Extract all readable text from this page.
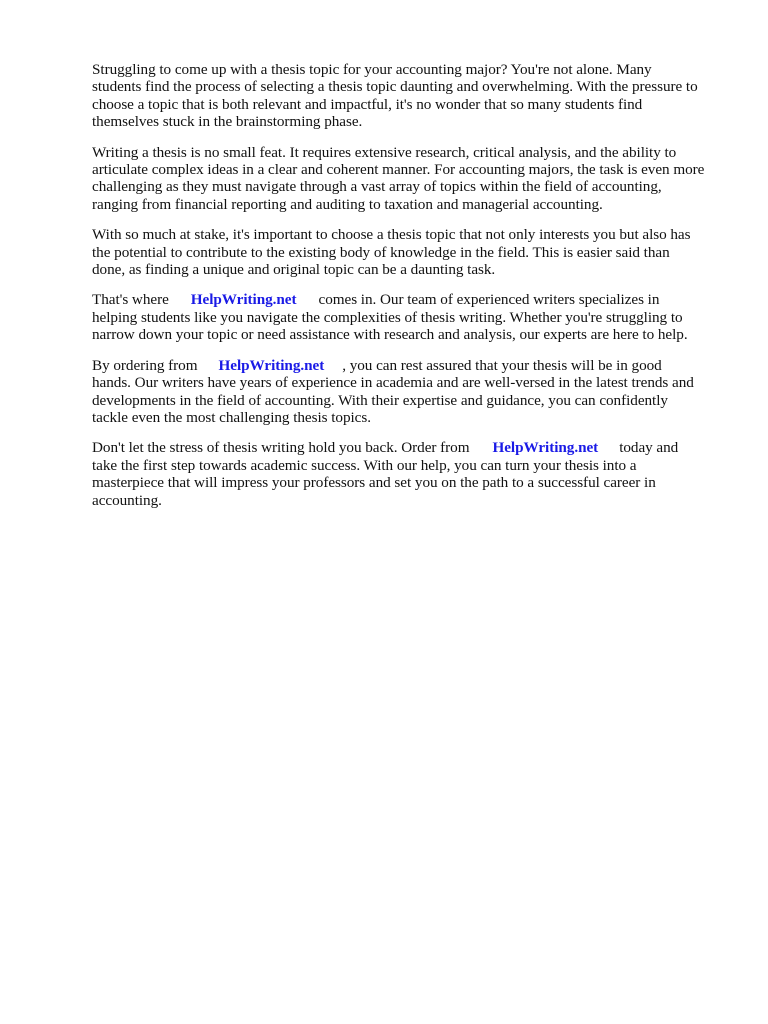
Struggling to come up with a thesis topic for your accounting major? You're not alone. Many
students find the process of selecting a thesis topic daunting and overwhelming. With the pressure to
choose a topic that is both relevant and impactful, it's no wonder that so many students find
themselves stuck in the brainstorming phase.

Writing a thesis is no small feat. It requires extensive research, critical analysis, and the ability to
articulate complex ideas in a clear and coherent manner. For accounting majors, the task is even more
challenging as they must navigate through a vast array of topics within the field of accounting,
ranging from financial reporting and auditing to taxation and managerial accounting.

With so much at stake, it's important to choose a thesis topic that not only interests you but also has
the potential to contribute to the existing body of knowledge in the field. This is easier said than
done, as finding a unique and original topic can be a daunting task.

That's where HelpWriting.net comes in. Our team of experienced writers specializes in
helping students like you navigate the complexities of thesis writing. Whether you're struggling to
narrow down your topic or need assistance with research and analysis, our experts are here to help.

By ordering from HelpWriting.net , you can rest assured that your thesis will be in good
hands. Our writers have years of experience in academia and are well-versed in the latest trends and
developments in the field of accounting. With their expertise and guidance, you can confidently
tackle even the most challenging thesis topics.

Don't let the stress of thesis writing hold you back. Order from HelpWriting.net today and
take the first step towards academic success. With our help, you can turn your thesis into a
masterpiece that will impress your professors and set you on the path to a successful career in
accounting.
